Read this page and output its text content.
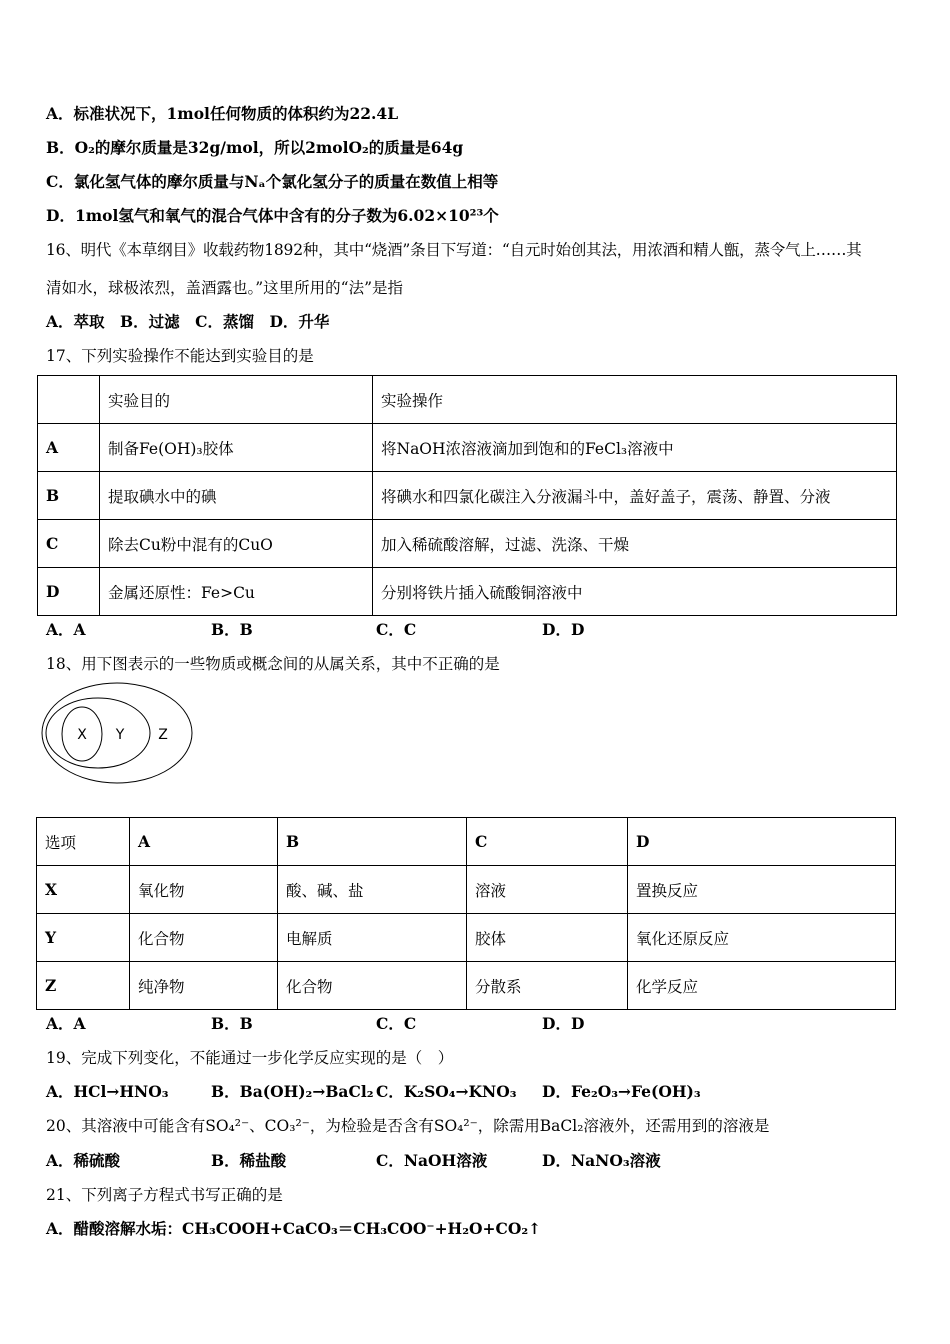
A．标准状况下，1mol任何物质的体积约为22.4L
B．O₂的摩尔质量是32g/mol，所以2molO₂的质量是64g
C．氯化氢气体的摩尔质量与Nₐ个氯化氢分子的质量在数值上相等
D．1mol氢气和氧气的混合气体中含有的分子数为6.02×10²³个
16、明代《本草纲目》收载药物1892种，其中“烧酒”条目下写道：“自元时始创其法，用浓酒和精人甑，蒸令气上……其
清如水，球极浓烈，盖酒露也。”这里所用的“法”是指
A．萃取　B．过滤　C．蒸馏　D．升华
17、下列实验操作不能达到实验目的是
	实验目的	实验操作
A	制备Fe(OH)₃胶体	将NaOH浓溶液滴加到饱和的FeCl₃溶液中
B	提取碘水中的碘	将碘水和四氯化碳注入分液漏斗中，盖好盖子，震荡、静置、分液
C	除去Cu粉中混有的CuO	加入稀硫酸溶解，过滤、洗涤、干燥
D	金属还原性：Fe>Cu	分别将铁片插入硫酸铜溶液中
A．A	B．B	C．C	D．D
18、用下图表示的一些物质或概念间的从属关系，其中不正确的是
X Y Z
选项	A	B	C	D
X	氧化物	酸、碱、盐	溶液	置换反应
Y	化合物	电解质	胶体	氧化还原反应
Z	纯净物	化合物	分散系	化学反应
A．A	B．B	C．C	D．D
19、完成下列变化，不能通过一步化学反应实现的是（　）
A．HCl→HNO₃	B．Ba(OH)₂→BaCl₂ C．K₂SO₄→KNO₃ D．Fe₂O₃→Fe(OH)₃
20、其溶液中可能含有SO₄²⁻、CO₃²⁻，为检验是否含有SO₄²⁻，除需用BaCl₂溶液外，还需用到的溶液是
A．稀硫酸	B．稀盐酸	C．NaOH溶液	D．NaNO₃溶液
21、下列离子方程式书写正确的是
A．醋酸溶解水垢：CH₃COOH+CaCO₃＝CH₃COO⁻+H₂O+CO₂↑
